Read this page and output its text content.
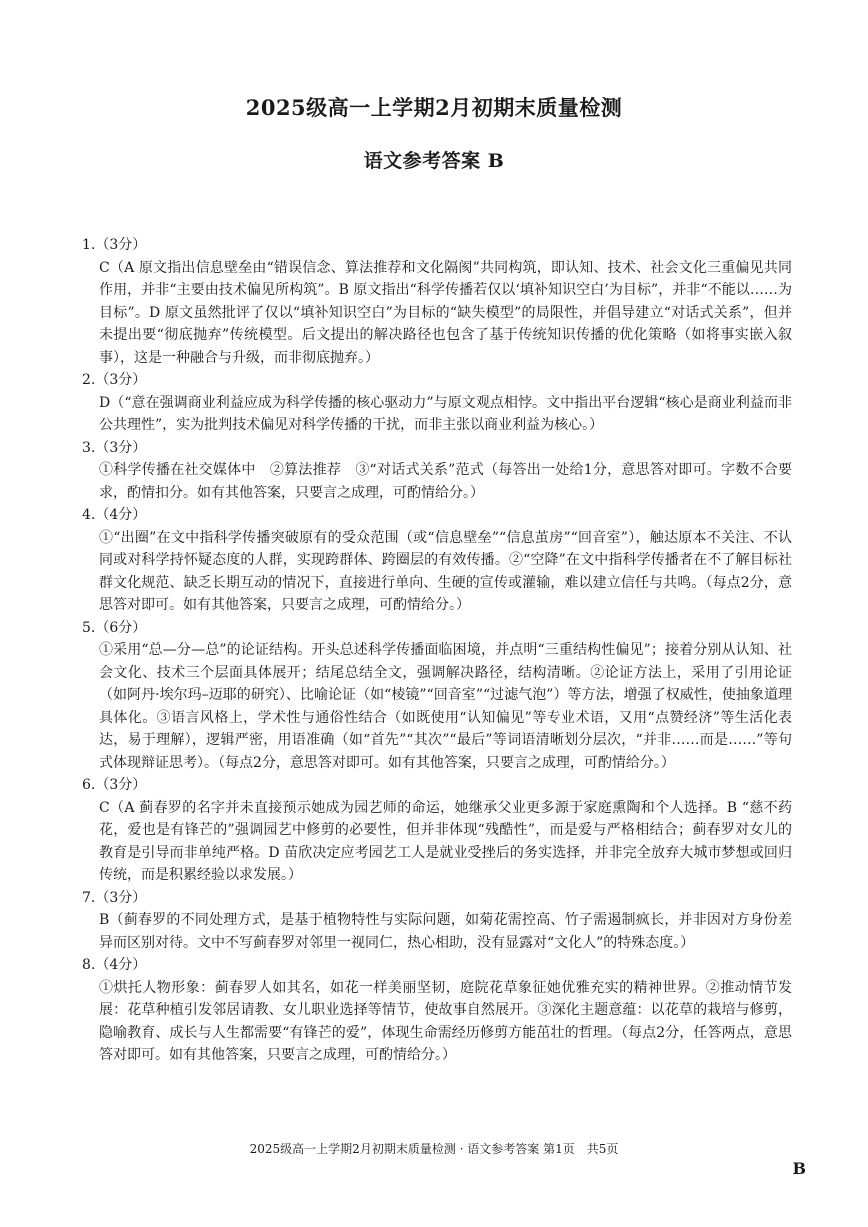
2025级高一上学期2月初期末质量检测
语文参考答案 B

1.（3分）

C（A 原文指出信息壁垒由“错误信念、算法推荐和文化隔阂”共同构筑，即认知、技术、社会文化三重偏见共同作用，并非“主要由技术偏见所构筑”。B 原文指出“科学传播若仅以‘填补知识空白’为目标”，并非“不能以……为目标”。D 原文虽然批评了仅以“填补知识空白”为目标的“缺失模型”的局限性，并倡导建立“对话式关系”，但并未提出要“彻底抛弃”传统模型。后文提出的解决路径也包含了基于传统知识传播的优化策略（如将事实嵌入叙事），这是一种融合与升级，而非彻底抛弃。）

2.（3分）

D（“意在强调商业利益应成为科学传播的核心驱动力”与原文观点相悖。文中指出平台逻辑“核心是商业利益而非公共理性”，实为批判技术偏见对科学传播的干扰，而非主张以商业利益为核心。）

3.（3分）

①科学传播在社交媒体中　②算法推荐　③“对话式关系”范式（每答出一处给1分，意思答对即可。字数不合要求，酌情扣分。如有其他答案，只要言之成理，可酌情给分。）

4.（4分）

①“出圈”在文中指科学传播突破原有的受众范围（或“信息壁垒”“信息茧房”“回音室”），触达原本不关注、不认同或对科学持怀疑态度的人群，实现跨群体、跨圈层的有效传播。②“空降”在文中指科学传播者在不了解目标社群文化规范、缺乏长期互动的情况下，直接进行单向、生硬的宣传或灌输，难以建立信任与共鸣。（每点2分，意思答对即可。如有其他答案，只要言之成理，可酌情给分。）

5.（6分）

①采用“总—分—总”的论证结构。开头总述科学传播面临困境，并点明“三重结构性偏见”；接着分别从认知、社会文化、技术三个层面具体展开；结尾总结全文，强调解决路径，结构清晰。②论证方法上，采用了引用论证（如阿丹·埃尔玛–迈耶的研究）、比喻论证（如“棱镜”“回音室”“过滤气泡”）等方法，增强了权威性，使抽象道理具体化。③语言风格上，学术性与通俗性结合（如既使用“认知偏见”等专业术语，又用“点赞经济”等生活化表达，易于理解），逻辑严密，用语准确（如“首先”“其次”“最后”等词语清晰划分层次，“并非……而是……”等句式体现辩证思考）。（每点2分，意思答对即可。如有其他答案，只要言之成理，可酌情给分。）

6.（3分）

C（A 蓟春罗的名字并未直接预示她成为园艺师的命运，她继承父业更多源于家庭熏陶和个人选择。B “慈不药花，爱也是有锋芒的”强调园艺中修剪的必要性，但并非体现“残酷性”，而是爱与严格相结合；蓟春罗对女儿的教育是引导而非单纯严格。D 苗欣决定应考园艺工人是就业受挫后的务实选择，并非完全放弃大城市梦想或回归传统，而是积累经验以求发展。）

7.（3分）

B（蓟春罗的不同处理方式，是基于植物特性与实际问题，如菊花需控高、竹子需遏制疯长，并非因对方身份差异而区别对待。文中不写蓟春罗对邻里一视同仁，热心相助，没有显露对“文化人”的特殊态度。）

8.（4分）

①烘托人物形象：蓟春罗人如其名，如花一样美丽坚韧，庭院花草象征她优雅充实的精神世界。②推动情节发展：花草种植引发邻居请教、女儿职业选择等情节，使故事自然展开。③深化主题意蕴：以花草的栽培与修剪，隐喻教育、成长与人生都需要“有锋芒的爱”，体现生命需经历修剪方能茁壮的哲理。（每点2分，任答两点，意思答对即可。如有其他答案，只要言之成理，可酌情给分。）

2025级高一上学期2月初期末质量检测 · 语文参考答案 第1页　共5页
B
